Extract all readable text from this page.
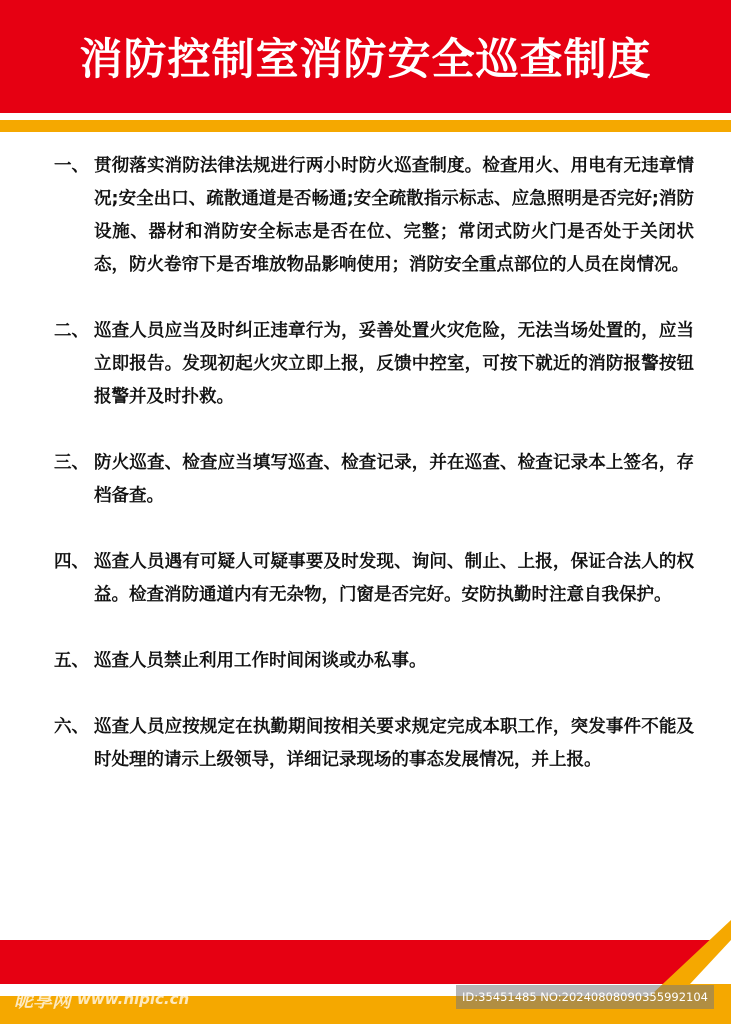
消防控制室消防安全巡查制度
一、 贯彻落实消防法律法规进行两小时防火巡查制度。检查用火、用电有无违章情况;安全出口、疏散通道是否畅通;安全疏散指示标志、应急照明是否完好;消防设施、器材和消防安全标志是否在位、完整；常闭式防火门是否处于关闭状态，防火卷帘下是否堆放物品影响使用；消防安全重点部位的人员在岗情况。
二、 巡查人员应当及时纠正违章行为，妥善处置火灾危险，无法当场处置的，应当立即报告。发现初起火灾立即上报，反馈中控室，可按下就近的消防报警按钮报警并及时扑救。
三、 防火巡查、检查应当填写巡查、检查记录，并在巡查、检查记录本上签名，存档备查。
四、 巡查人员遇有可疑人可疑事要及时发现、询问、制止、上报，保证合法人的权益。检查消防通道内有无杂物，门窗是否完好。安防执勤时注意自我保护。
五、 巡查人员禁止利用工作时间闲谈或办私事。
六、 巡查人员应按规定在执勤期间按相关要求规定完成本职工作，突发事件不能及时处理的请示上级领导，详细记录现场的事态发展情况，并上报。
昵享网 www.nipic.cn	ID:35451485 NO:20240808090355992104
